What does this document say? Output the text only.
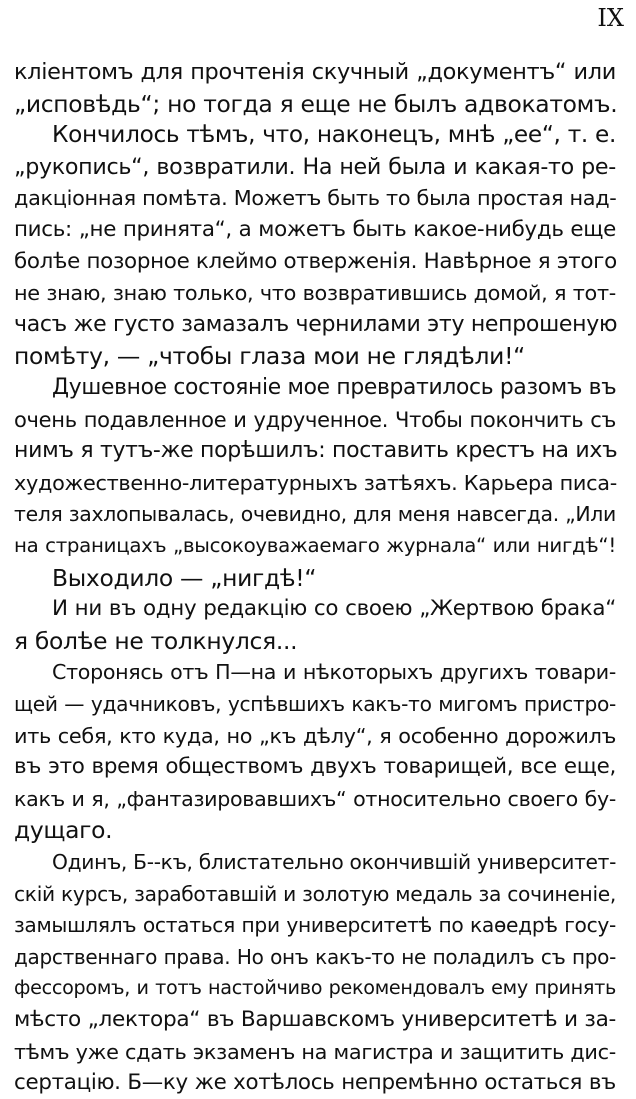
IX
клiентомъ для прочтенiя скучный „документъ“ или
„исповѣдь“; но тогда я еще не былъ адвокатомъ.
Кончилось тѣмъ, что, наконецъ, мнѣ „ее“, т. е.
„рукопись“, возвратили. На ней была и какая-то ре-
дакцiонная помѣта. Можетъ быть то была простая над-
пись: „не принята“, а можетъ быть какое-нибудь еще
болѣе позорное клеймо отверженiя. Навѣрное я этого
не знаю, знаю только, что возвратившись домой, я тот-
часъ же густо замазалъ чернилами эту непрошеную
помѣту, — „чтобы глаза мои не глядѣли!“
Душевное состоянiе мое превратилось разомъ въ
очень подавленное и удрученное. Чтобы покончить съ
нимъ я тутъ-же порѣшилъ: поставить крестъ на ихъ
художественно-литературныхъ затѣяхъ. Карьера писа-
теля захлопывалась, очевидно, для меня навсегда. „Или
на страницахъ „высокоуважаемаго журнала“ или нигдѣ“!
Выходило — „нигдѣ!“
И ни въ одну редакцiю со своею „Жертвою брака“
я болѣе не толкнулся...
Сторонясь отъ П—на и нѣкоторыхъ другихъ товари-
щей — удачниковъ, успѣвшихъ какъ-то мигомъ пристро-
ить себя, кто куда, но „къ дѣлу“, я особенно дорожилъ
въ это время обществомъ двухъ товарищей, все еще,
какъ и я, „фантазировавшихъ“ относительно своего бу-
дущаго.
Одинъ, Б--къ, блистательно окончившiй университет-
скiй курсъ, заработавшiй и золотую медаль за сочиненiе,
замышлялъ остаться при университетѣ по каѳедрѣ госу-
дарственнаго права. Но онъ какъ-то не поладилъ съ про-
фессоромъ, и тотъ настойчиво рекомендовалъ ему принять
мѣсто „лектора“ въ Варшавскомъ университетѣ и за-
тѣмъ уже сдать экзаменъ на магистра и защитить дис-
сертацiю. Б—ку же хотѣлось непремѣнно остаться въ
